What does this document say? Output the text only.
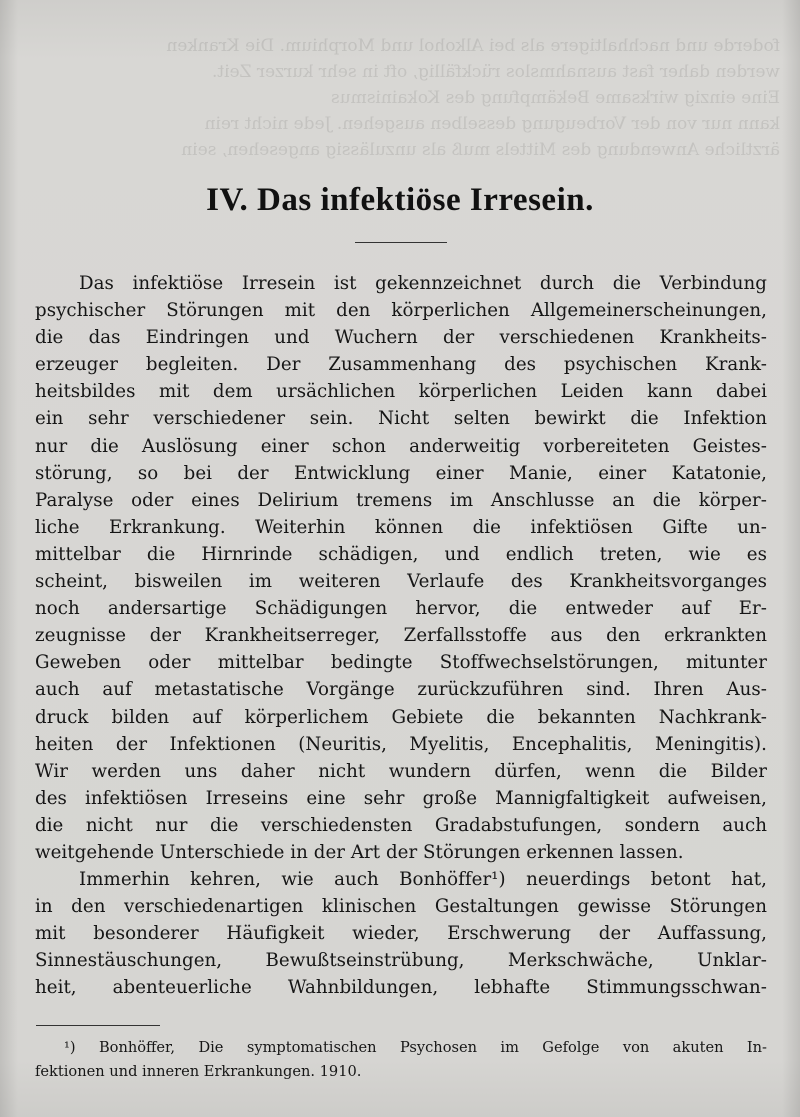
foderde und nachhaltigere als bei Alkohol und Morphium. Die Kranken
werden daher fast ausnahmslos rückfällig, oft in sehr kurzer Zeit.
Eine einzig wirksame Bekämpfung des Kokainismus
kann nur von der Vorbeugung desselben ausgehen. Jede nicht rein
ärztliche Anwendung des Mittels muß als unzulässig angesehen, sein
IV. Das infektiöse Irresein.
Das infektiöse Irresein ist gekennzeichnet durch die Verbindung
psychischer Störungen mit den körperlichen Allgemeinerscheinungen,
die das Eindringen und Wuchern der verschiedenen Krankheits-
erzeuger begleiten. Der Zusammenhang des psychischen Krank-
heitsbildes mit dem ursächlichen körperlichen Leiden kann dabei
ein sehr verschiedener sein. Nicht selten bewirkt die Infektion
nur die Auslösung einer schon anderweitig vorbereiteten Geistes-
störung, so bei der Entwicklung einer Manie, einer Katatonie,
Paralyse oder eines Delirium tremens im Anschlusse an die körper-
liche Erkrankung. Weiterhin können die infektiösen Gifte un-
mittelbar die Hirnrinde schädigen, und endlich treten, wie es
scheint, bisweilen im weiteren Verlaufe des Krankheitsvorganges
noch andersartige Schädigungen hervor, die entweder auf Er-
zeugnisse der Krankheitserreger, Zerfallsstoffe aus den erkrankten
Geweben oder mittelbar bedingte Stoffwechselstörungen, mitunter
auch auf metastatische Vorgänge zurückzuführen sind. Ihren Aus-
druck bilden auf körperlichem Gebiete die bekannten Nachkrank-
heiten der Infektionen (Neuritis, Myelitis, Encephalitis, Meningitis).
Wir werden uns daher nicht wundern dürfen, wenn die Bilder
des infektiösen Irreseins eine sehr große Mannigfaltigkeit aufweisen,
die nicht nur die verschiedensten Gradabstufungen, sondern auch
weitgehende Unterschiede in der Art der Störungen erkennen lassen.
Immerhin kehren, wie auch Bonhöffer¹) neuerdings betont hat,
in den verschiedenartigen klinischen Gestaltungen gewisse Störungen
mit besonderer Häufigkeit wieder, Erschwerung der Auffassung,
Sinnestäuschungen, Bewußtseinstrübung, Merkschwäche, Unklar-
heit, abenteuerliche Wahnbildungen, lebhafte Stimmungsschwan-
¹) Bonhöffer, Die symptomatischen Psychosen im Gefolge von akuten In-
fektionen und inneren Erkrankungen. 1910.
